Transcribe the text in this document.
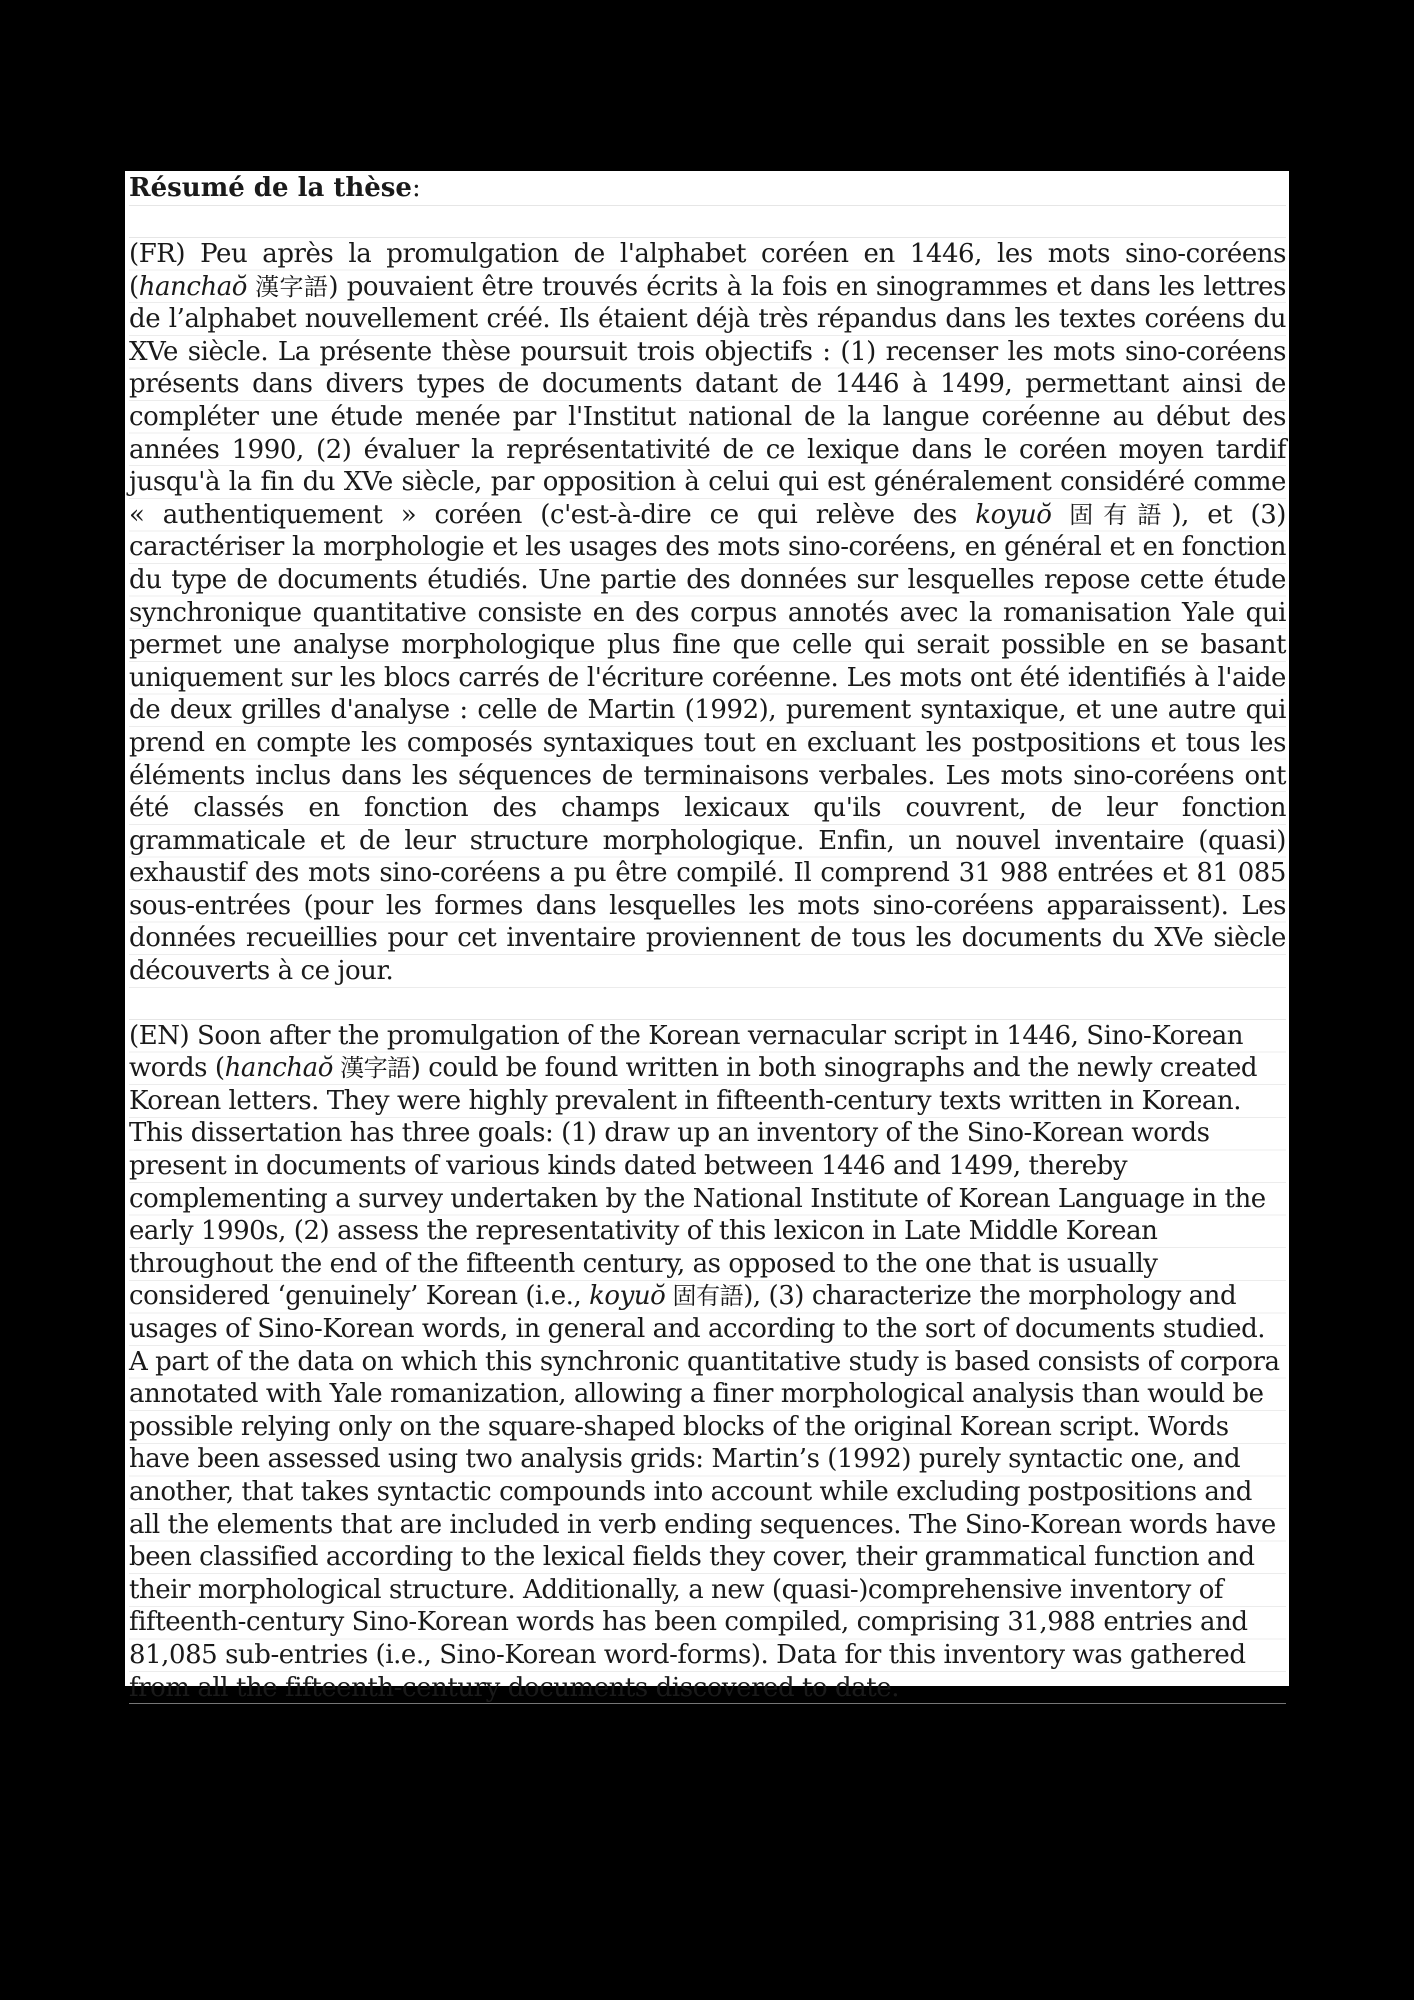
Résumé de la thèse :

(FR) Peu après la promulgation de l'alphabet coréen en 1446, les mots sino-coréens (hanchaŏ 漢字語) pouvaient être trouvés écrits à la fois en sinogrammes et dans les lettres de l’alphabet nouvellement créé. Ils étaient déjà très répandus dans les textes coréens du XVe siècle. La présente thèse poursuit trois objectifs : (1) recenser les mots sino-coréens présents dans divers types de documents datant de 1446 à 1499, permettant ainsi de compléter une étude menée par l'Institut national de la langue coréenne au début des années 1990, (2) évaluer la représentativité de ce lexique dans le coréen moyen tardif jusqu'à la fin du XVe siècle, par opposition à celui qui est généralement considéré comme « authentiquement » coréen (c'est-à-dire ce qui relève des koyuŏ 固有語), et (3) caractériser la morphologie et les usages des mots sino-coréens, en général et en fonction du type de documents étudiés. Une partie des données sur lesquelles repose cette étude synchronique quantitative consiste en des corpus annotés avec la romanisation Yale qui permet une analyse morphologique plus fine que celle qui serait possible en se basant uniquement sur les blocs carrés de l'écriture coréenne. Les mots ont été identifiés à l'aide de deux grilles d'analyse : celle de Martin (1992), purement syntaxique, et une autre qui prend en compte les composés syntaxiques tout en excluant les postpositions et tous les éléments inclus dans les séquences de terminaisons verbales. Les mots sino-coréens ont été classés en fonction des champs lexicaux qu'ils couvrent, de leur fonction grammaticale et de leur structure morphologique. Enfin, un nouvel inventaire (quasi) exhaustif des mots sino-coréens a pu être compilé. Il comprend 31 988 entrées et 81 085 sous-entrées (pour les formes dans lesquelles les mots sino-coréens apparaissent). Les données recueillies pour cet inventaire proviennent de tous les documents du XVe siècle découverts à ce jour.

(EN) Soon after the promulgation of the Korean vernacular script in 1446, Sino-Korean words (hanchaŏ 漢字語) could be found written in both sinographs and the newly created Korean letters. They were highly prevalent in fifteenth-century texts written in Korean. This dissertation has three goals: (1) draw up an inventory of the Sino-Korean words present in documents of various kinds dated between 1446 and 1499, thereby complementing a survey undertaken by the National Institute of Korean Language in the early 1990s, (2) assess the representativity of this lexicon in Late Middle Korean throughout the end of the fifteenth century, as opposed to the one that is usually considered ‘genuinely’ Korean (i.e., koyuŏ 固有語), (3) characterize the morphology and usages of Sino-Korean words, in general and according to the sort of documents studied. A part of the data on which this synchronic quantitative study is based consists of corpora annotated with Yale romanization, allowing a finer morphological analysis than would be possible relying only on the square-shaped blocks of the original Korean script. Words have been assessed using two analysis grids: Martin’s (1992) purely syntactic one, and another, that takes syntactic compounds into account while excluding postpositions and all the elements that are included in verb ending sequences. The Sino-Korean words have been classified according to the lexical fields they cover, their grammatical function and their morphological structure. Additionally, a new (quasi-)comprehensive inventory of fifteenth-century Sino-Korean words has been compiled, comprising 31,988 entries and 81,085 sub-entries (i.e., Sino-Korean word-forms). Data for this inventory was gathered from all the fifteenth-century documents discovered to date.
